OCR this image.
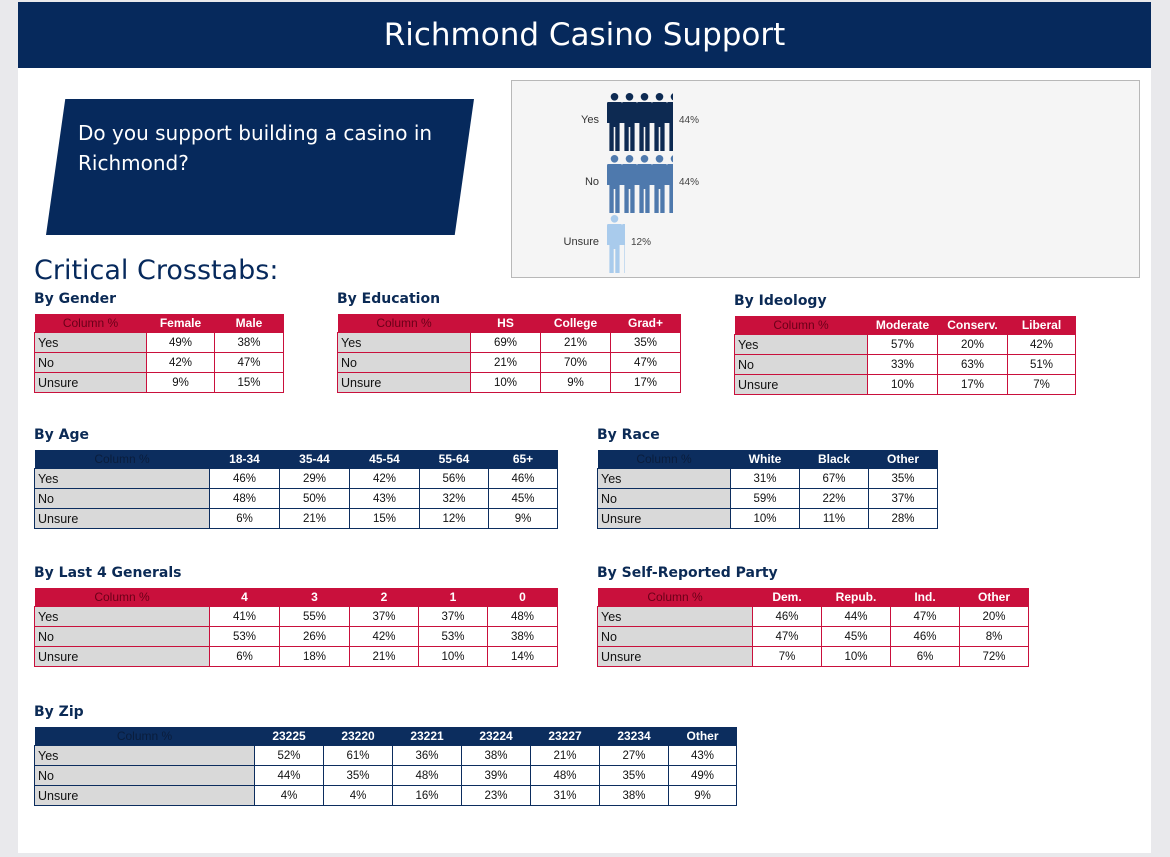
Richmond Casino Support
Do you support building a casino in Richmond?
Yes	44%
No	44%
Unsure	12%
Critical Crosstabs:
By Gender
Column %	Female	Male
Yes	49%	38%
No	42%	47%
Unsure	9%	15%
By Education
Column %	HS	College	Grad+
Yes	69%	21%	35%
No	21%	70%	47%
Unsure	10%	9%	17%
By Ideology
Column %	Moderate	Conserv.	Liberal
Yes	57%	20%	42%
No	33%	63%	51%
Unsure	10%	17%	7%
By Age
Column %	18-34	35-44	45-54	55-64	65+
Yes	46%	29%	42%	56%	46%
No	48%	50%	43%	32%	45%
Unsure	6%	21%	15%	12%	9%
By Race
Column %	White	Black	Other
Yes	31%	67%	35%
No	59%	22%	37%
Unsure	10%	11%	28%
By Last 4 Generals
Column %	4	3	2	1	0
Yes	41%	55%	37%	37%	48%
No	53%	26%	42%	53%	38%
Unsure	6%	18%	21%	10%	14%
By Self-Reported Party
Column %	Dem.	Repub.	Ind.	Other
Yes	46%	44%	47%	20%
No	47%	45%	46%	8%
Unsure	7%	10%	6%	72%
By Zip
Column %	23225	23220	23221	23224	23227	23234	Other
Yes	52%	61%	36%	38%	21%	27%	43%
No	44%	35%	48%	39%	48%	35%	49%
Unsure	4%	4%	16%	23%	31%	38%	9%
